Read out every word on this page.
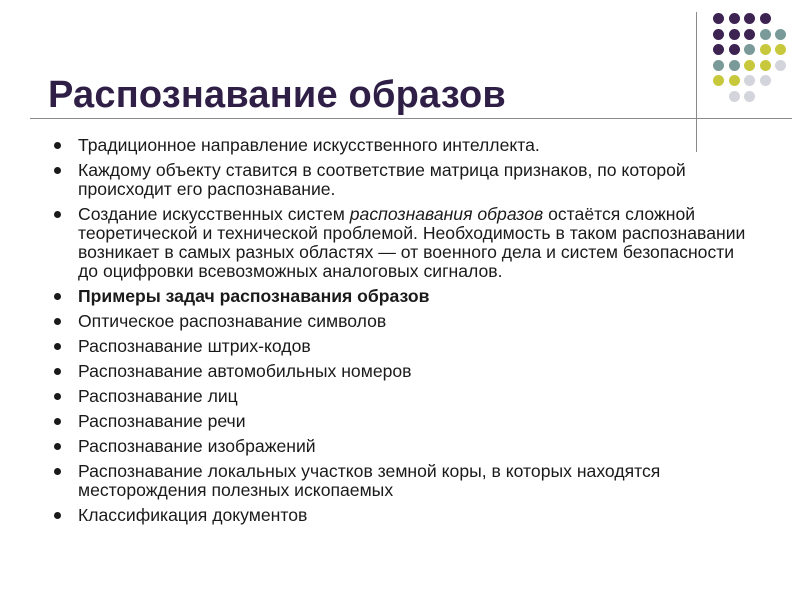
Распознавание образов
Традиционное направление искусственного интеллекта.
Каждому объекту ставится в соответствие матрица признаков, по которой происходит его распознавание.
Создание искусственных систем распознавания образов остаётся сложной теоретической и технической проблемой. Необходимость в таком распознавании возникает в самых разных областях — от военного дела и систем безопасности до оцифровки всевозможных аналоговых сигналов.
Примеры задач распознавания образов
Оптическое распознавание символов
Распознавание штрих-кодов
Распознавание автомобильных номеров
Распознавание лиц
Распознавание речи
Распознавание изображений
Распознавание локальных участков земной коры, в которых находятся месторождения полезных ископаемых
Классификация документов
